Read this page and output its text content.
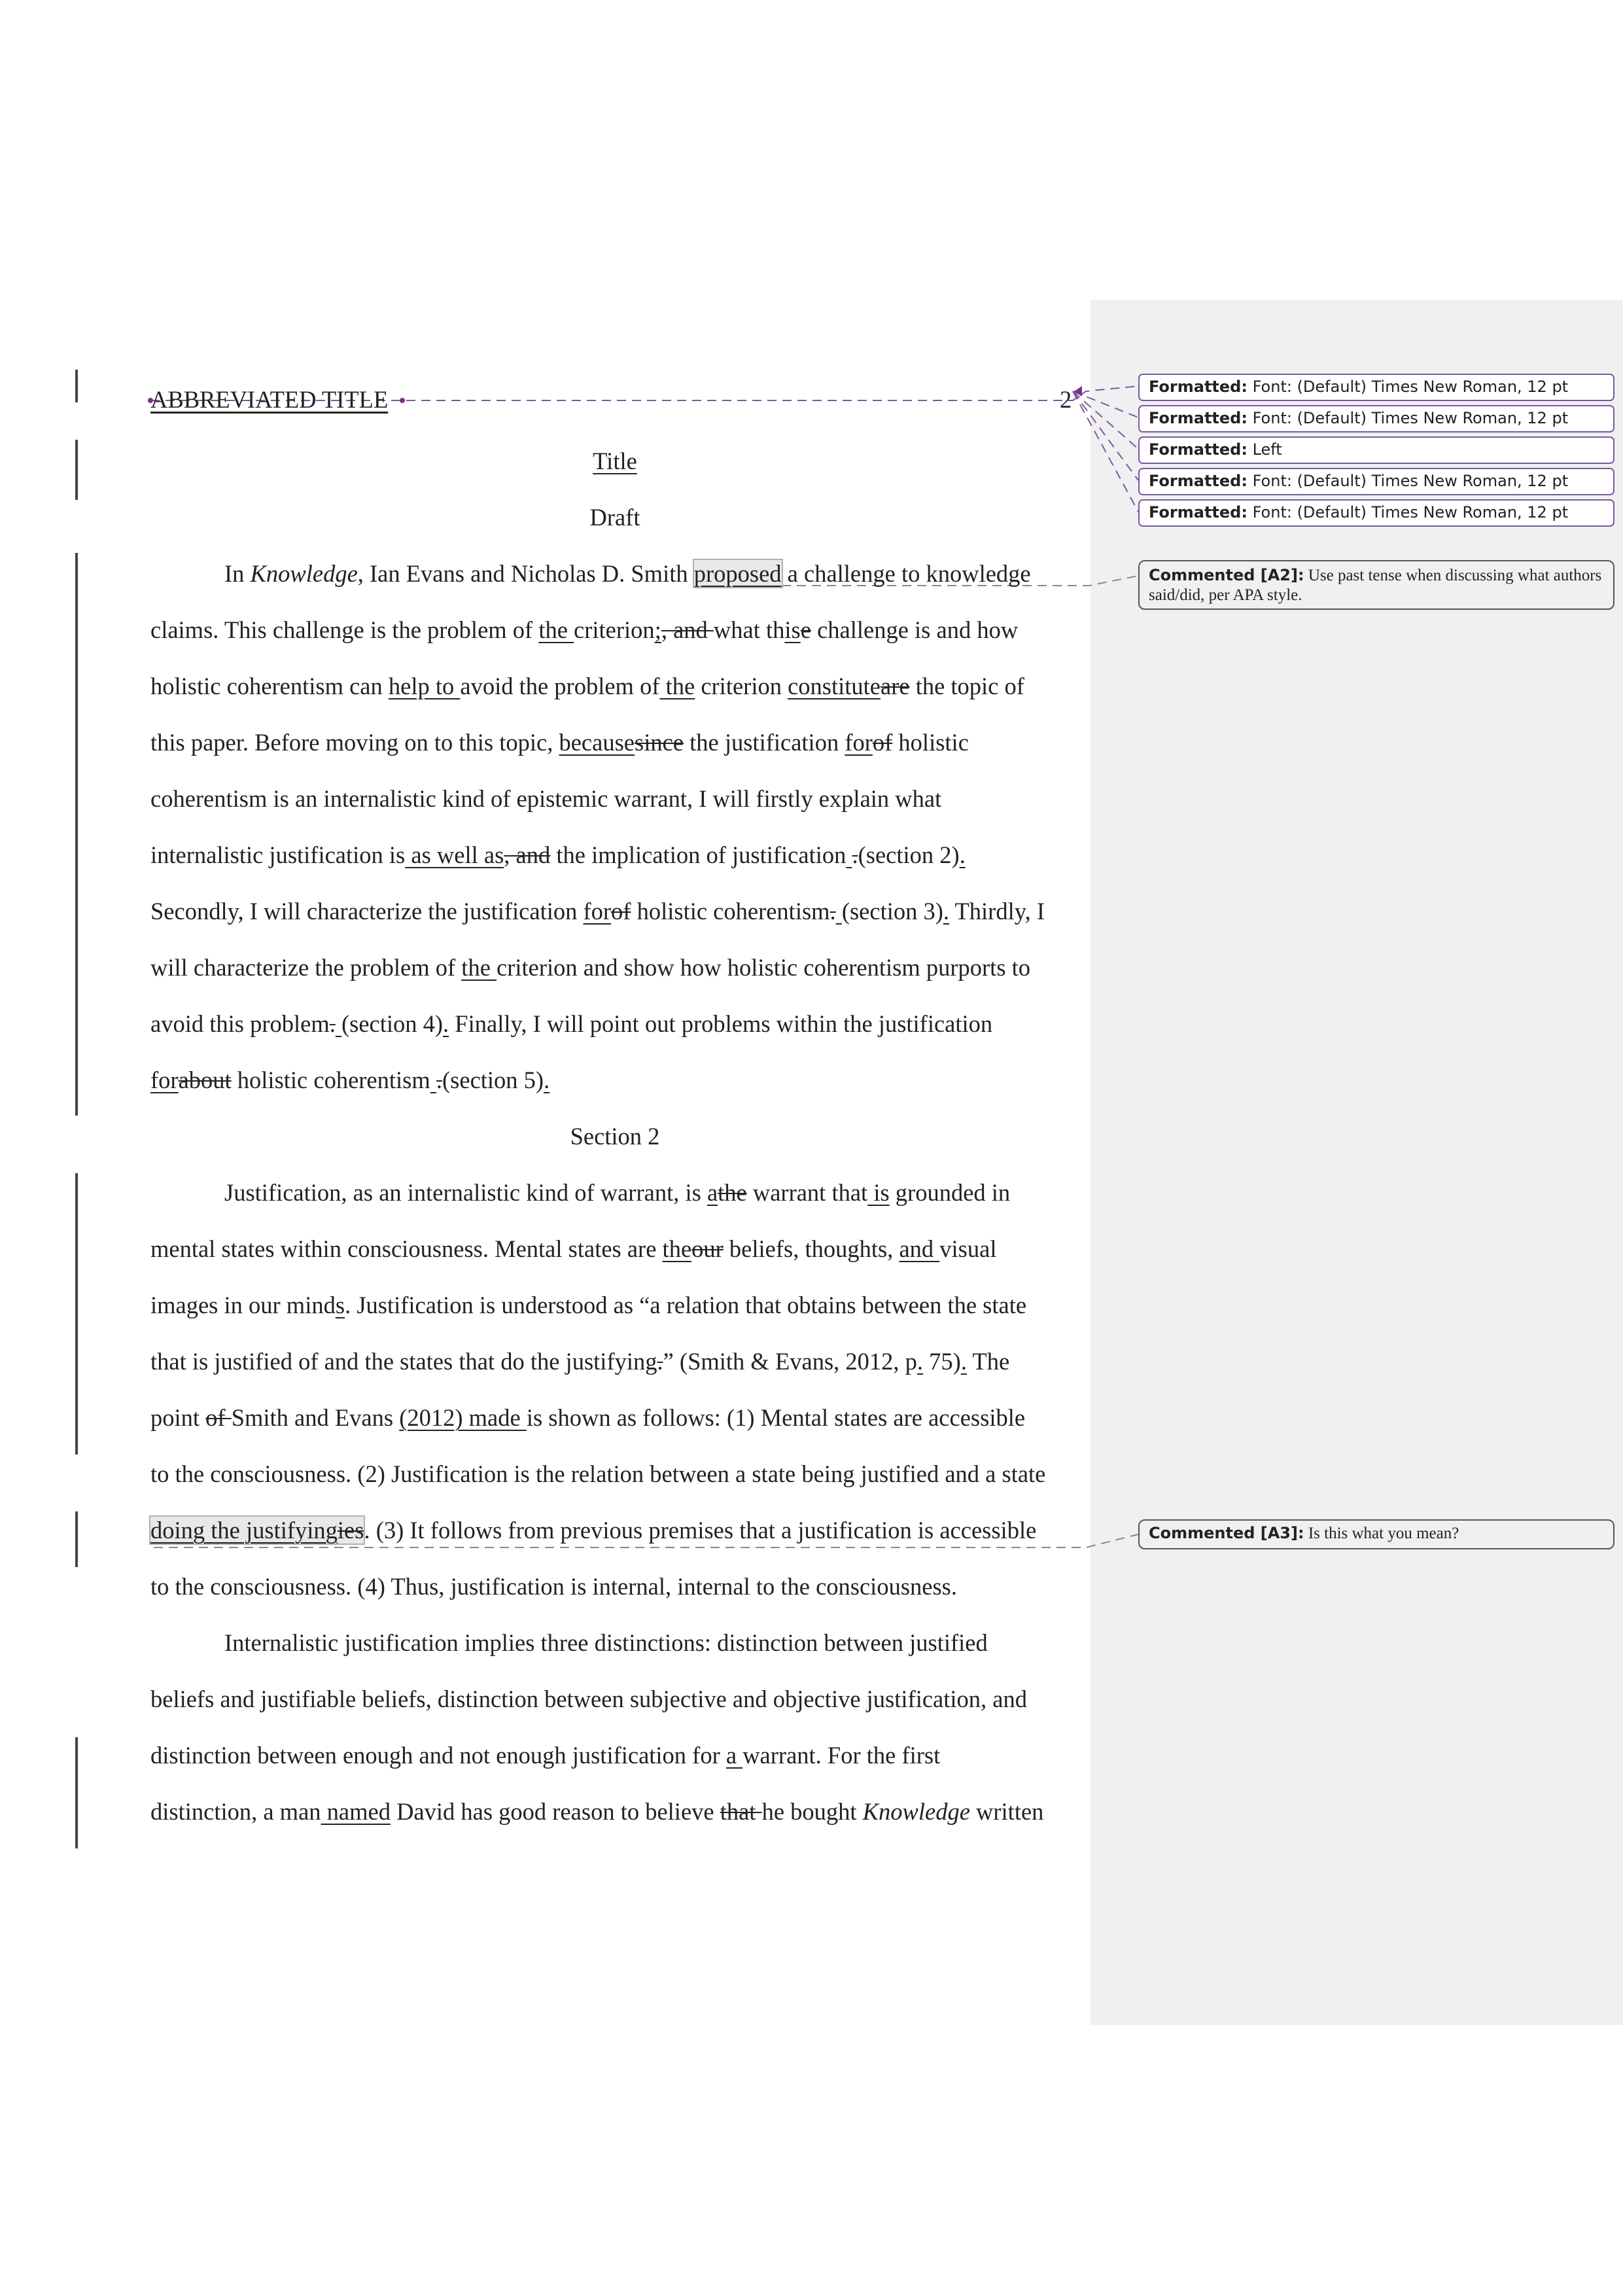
ABBREVIATED TITLE	2
Title
Draft
In Knowledge, Ian Evans and Nicholas D. Smith proposed a challenge to knowledge
claims. This challenge is the problem of the criterion;, and what thise challenge is and how
holistic coherentism can help to avoid the problem of the criterion constituteare the topic of
this paper. Before moving on to this topic, becausesince the justification forof holistic
coherentism is an internalistic kind of epistemic warrant, I will firstly explain what
internalistic justification is as well as, and the implication of justification .(section 2).
Secondly, I will characterize the justification forof holistic coherentism. (section 3). Thirdly, I
will characterize the problem of the criterion and show how holistic coherentism purports to
avoid this problem. (section 4). Finally, I will point out problems within the justification
forabout holistic coherentism .(section 5).
Section 2
Justification, as an internalistic kind of warrant, is athe warrant that is grounded in
mental states within consciousness. Mental states are theour beliefs, thoughts, and visual
images in our minds. Justification is understood as “a relation that obtains between the state
that is justified of and the states that do the justifying.” (Smith & Evans, 2012, p. 75). The
point of Smith and Evans (2012) made is shown as follows: (1) Mental states are accessible
to the consciousness. (2) Justification is the relation between a state being justified and a state
doing the justifyingies. (3) It follows from previous premises that a justification is accessible
to the consciousness. (4) Thus, justification is internal, internal to the consciousness.
Internalistic justification implies three distinctions: distinction between justified
beliefs and justifiable beliefs, distinction between subjective and objective justification, and
distinction between enough and not enough justification for a warrant. For the first
distinction, a man named David has good reason to believe that he bought Knowledge written
Formatted: Font: (Default) Times New Roman, 12 pt
Formatted: Font: (Default) Times New Roman, 12 pt
Formatted: Left
Formatted: Font: (Default) Times New Roman, 12 pt
Formatted: Font: (Default) Times New Roman, 12 pt
Commented [A2]: Use past tense when discussing what authors said/did, per APA style.
Commented [A3]: Is this what you mean?
